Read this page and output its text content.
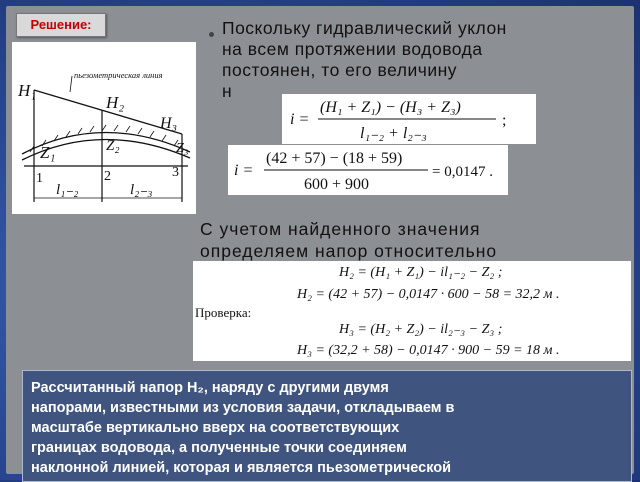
Решение:
пьезометрическая линия
H₁
H₂
H₃
Z₁	Z₂	Z₃
1	2	3
l₁₋₂	l₂₋₃
Поскольку гидравлический уклон
на всем протяжении водовода
постоянен, то его величину
н
i =
(H₁ + Z₁) − (H₃ + Z₃)
l₁₋₂ + l₂₋₃
;
i =
(42 + 57) − (18 + 59)
600 + 900
= 0,0147 .
С учетом найденного значения
определяем напор относительно
H₂ = (H₁ + Z₁) − il₁₋₂ − Z₂ ;
H₂ = (42 + 57) − 0,0147 · 600 − 58 = 32,2 м .
Проверка:
H₃ = (H₂ + Z₂) − il₂₋₃ − Z₃ ;
H₃ = (32,2 + 58) − 0,0147 · 900 − 59 = 18 м .
Рассчитанный напор H₂, наряду с другими двумя
напорами, известными из условия задачи, откладываем в
масштабе вертикально вверх на соответствующих
границах водовода, а полученные точки соединяем
наклонной линией, которая и является пьезометрической
